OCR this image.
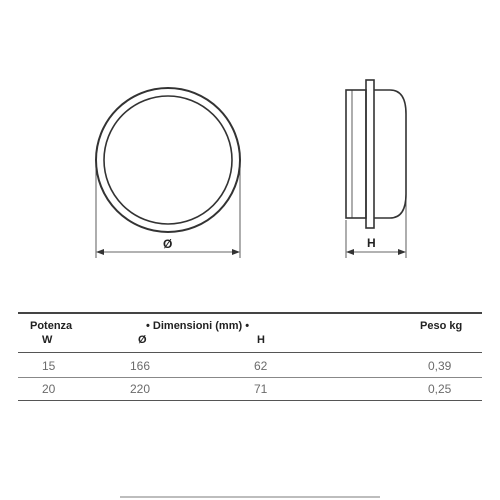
Ø	H
Potenza	• Dimensioni (mm) •	Peso kg
W	Ø	H
15	166	62	0,39
20	220	71	0,25
